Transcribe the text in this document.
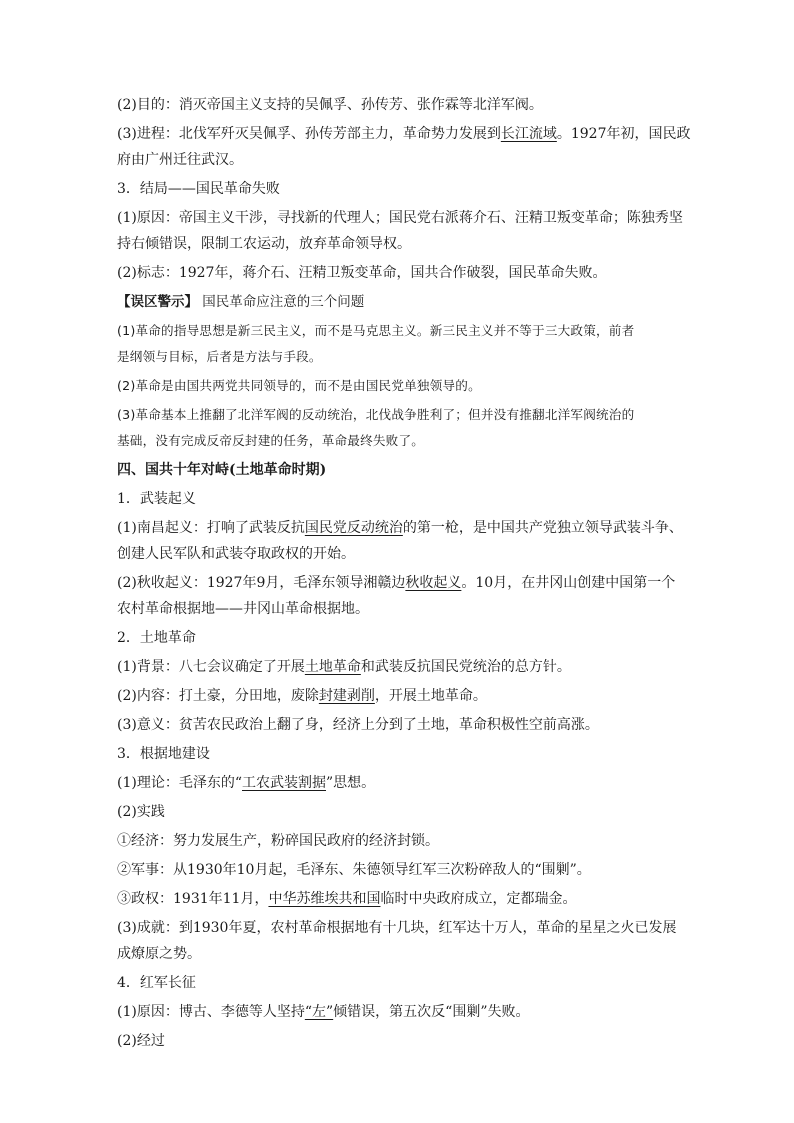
(2)目的：消灭帝国主义支持的吴佩孚、孙传芳、张作霖等北洋军阀。

(3)进程：北伐军歼灭吴佩孚、孙传芳部主力，革命势力发展到长江流域。1927年初，国民政

府由广州迁往武汉。

3．结局——国民革命失败

(1)原因：帝国主义干涉，寻找新的代理人；国民党右派蒋介石、汪精卫叛变革命；陈独秀坚

持右倾错误，限制工农运动，放弃革命领导权。

(2)标志：1927年，蒋介石、汪精卫叛变革命，国共合作破裂，国民革命失败。

【误区警示】 国民革命应注意的三个问题

(1)革命的指导思想是新三民主义，而不是马克思主义。新三民主义并不等于三大政策，前者

是纲领与目标，后者是方法与手段。

(2)革命是由国共两党共同领导的，而不是由国民党单独领导的。

(3)革命基本上推翻了北洋军阀的反动统治，北伐战争胜利了；但并没有推翻北洋军阀统治的

基础，没有完成反帝反封建的任务，革命最终失败了。

四、国共十年对峙(土地革命时期)

1．武装起义

(1)南昌起义：打响了武装反抗国民党反动统治的第一枪，是中国共产党独立领导武装斗争、

创建人民军队和武装夺取政权的开始。

(2)秋收起义：1927年9月，毛泽东领导湘赣边秋收起义。10月，在井冈山创建中国第一个

农村革命根据地——井冈山革命根据地。

2．土地革命

(1)背景：八七会议确定了开展土地革命和武装反抗国民党统治的总方针。

(2)内容：打土豪，分田地，废除封建剥削，开展土地革命。

(3)意义：贫苦农民政治上翻了身，经济上分到了土地，革命积极性空前高涨。

3．根据地建设

(1)理论：毛泽东的“工农武装割据”思想。

(2)实践

①经济：努力发展生产，粉碎国民政府的经济封锁。

②军事：从1930年10月起，毛泽东、朱德领导红军三次粉碎敌人的“围剿”。

③政权：1931年11月，中华苏维埃共和国临时中央政府成立，定都瑞金。

(3)成就：到1930年夏，农村革命根据地有十几块，红军达十万人，革命的星星之火已发展

成燎原之势。

4．红军长征

(1)原因：博古、李德等人坚持“左”倾错误，第五次反“围剿”失败。

(2)经过
